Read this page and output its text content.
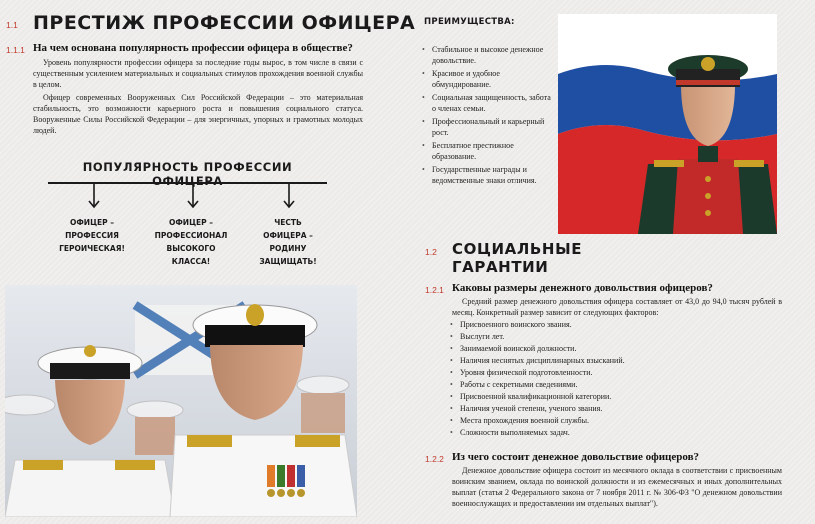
1.1 ПРЕСТИЖ ПРОФЕССИИ ОФИЦЕРА
1.1.1 На чем основана популярность профессии офицера в обществе?

Уровень популярности профессии офицера за последние годы вырос, в том числе в связи с существенным усилением материальных и социальных стимулов прохождения военной службы в целом.

Офицер современных Вооруженных Сил Российской Федерации – это материальная стабильность, это возможности карьерного роста и повышения социального статуса. Вооруженные Силы Российской Федерации – для энергичных, упорных и грамотных молодых людей.

ПОПУЛЯРНОСТЬ ПРОФЕССИИ ОФИЦЕРА
ОФИЦЕР – ПРОФЕССИЯ ГЕРОИЧЕСКАЯ!
ОФИЦЕР – ПРОФЕССИОНАЛ ВЫСОКОГО КЛАССА!
ЧЕСТЬ ОФИЦЕРА – РОДИНУ ЗАЩИЩАТЬ!
ПРЕИМУЩЕСТВА:
• Стабильное и высокое денежное довольствие.
• Красивое и удобное обмундирование.
• Социальная защищенность, забота о членах семьи.
• Профессиональный и карьерный рост.
• Бесплатное престижное образование.
• Государственные награды и ведомственные знаки отличия.
1.2 СОЦИАЛЬНЫЕ
ГАРАНТИИ
1.2.1 Каковы размеры денежного довольствия офицеров?

Средний размер денежного довольствия офицера составляет от 43,0 до 94,0 тысяч рублей в месяц. Конкретный размер зависит от следующих факторов:

• Присвоенного воинского звания.
• Выслуги лет.
• Занимаемой воинской должности.
• Наличия неснятых дисциплинарных взысканий.
• Уровня физической подготовленности.
• Работы с секретными сведениями.
• Присвоенной квалификационной категории.
• Наличия ученой степени, ученого звания.
• Места прохождения военной службы.
• Сложности выполняемых задач.
1.2.2 Из чего состоит денежное довольствие офицеров?

Денежное довольствие офицера состоит из месячного оклада в соответствии с присвоенным воинским званием, оклада по воинской должности и из ежемесячных и иных дополнительных выплат (статья 2 Федерального закона от 7 ноября 2011 г. № 306-ФЗ "О денежном довольствии военнослужащих и предоставлении им отдельных выплат").
